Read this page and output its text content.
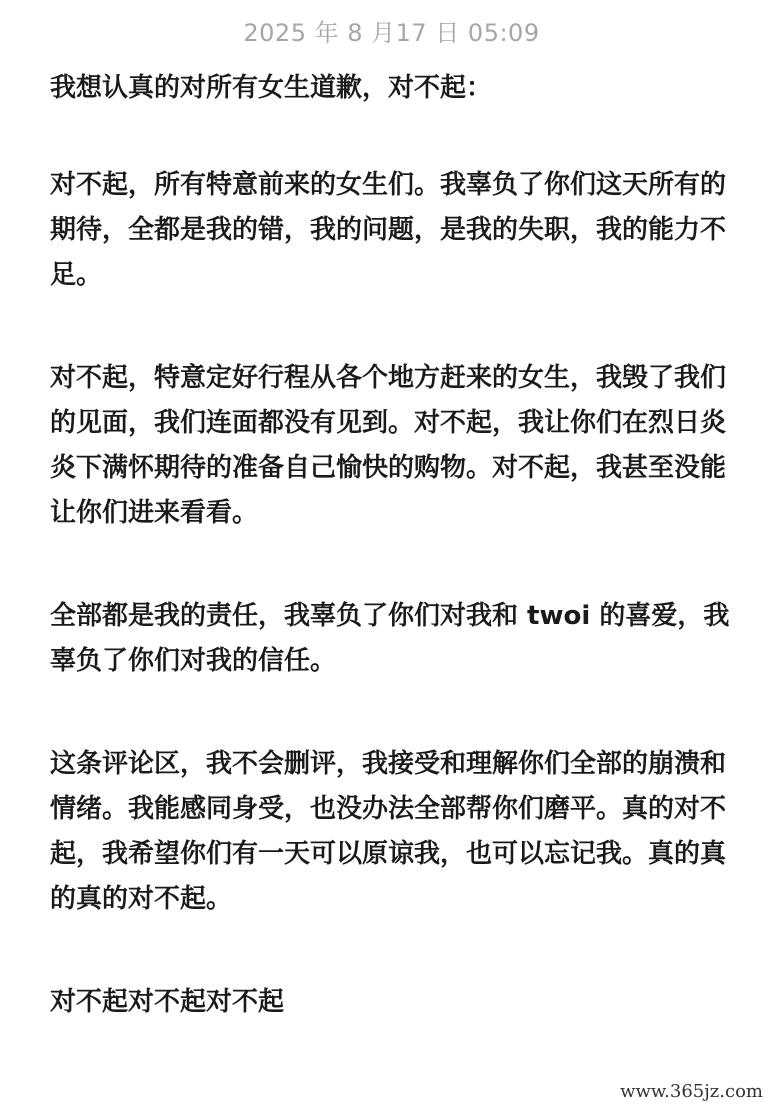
2025 年 8 月17 日 05:09

我想认真的对所有女生道歉，对不起：

对不起，所有特意前来的女生们。我辜负了你们这天所有的期待，全都是我的错，我的问题，是我的失职，我的能力不足。

对不起，特意定好行程从各个地方赶来的女生，我毁了我们的见面，我们连面都没有见到。对不起，我让你们在烈日炎炎下满怀期待的准备自己愉快的购物。对不起，我甚至没能让你们进来看看。

全部都是我的责任，我辜负了你们对我和 twoi 的喜爱，我辜负了你们对我的信任。

这条评论区，我不会删评，我接受和理解你们全部的崩溃和情绪。我能感同身受，也没办法全部帮你们磨平。真的对不起，我希望你们有一天可以原谅我，也可以忘记我。真的真的真的对不起。

对不起对不起对不起

www.365jz.com
